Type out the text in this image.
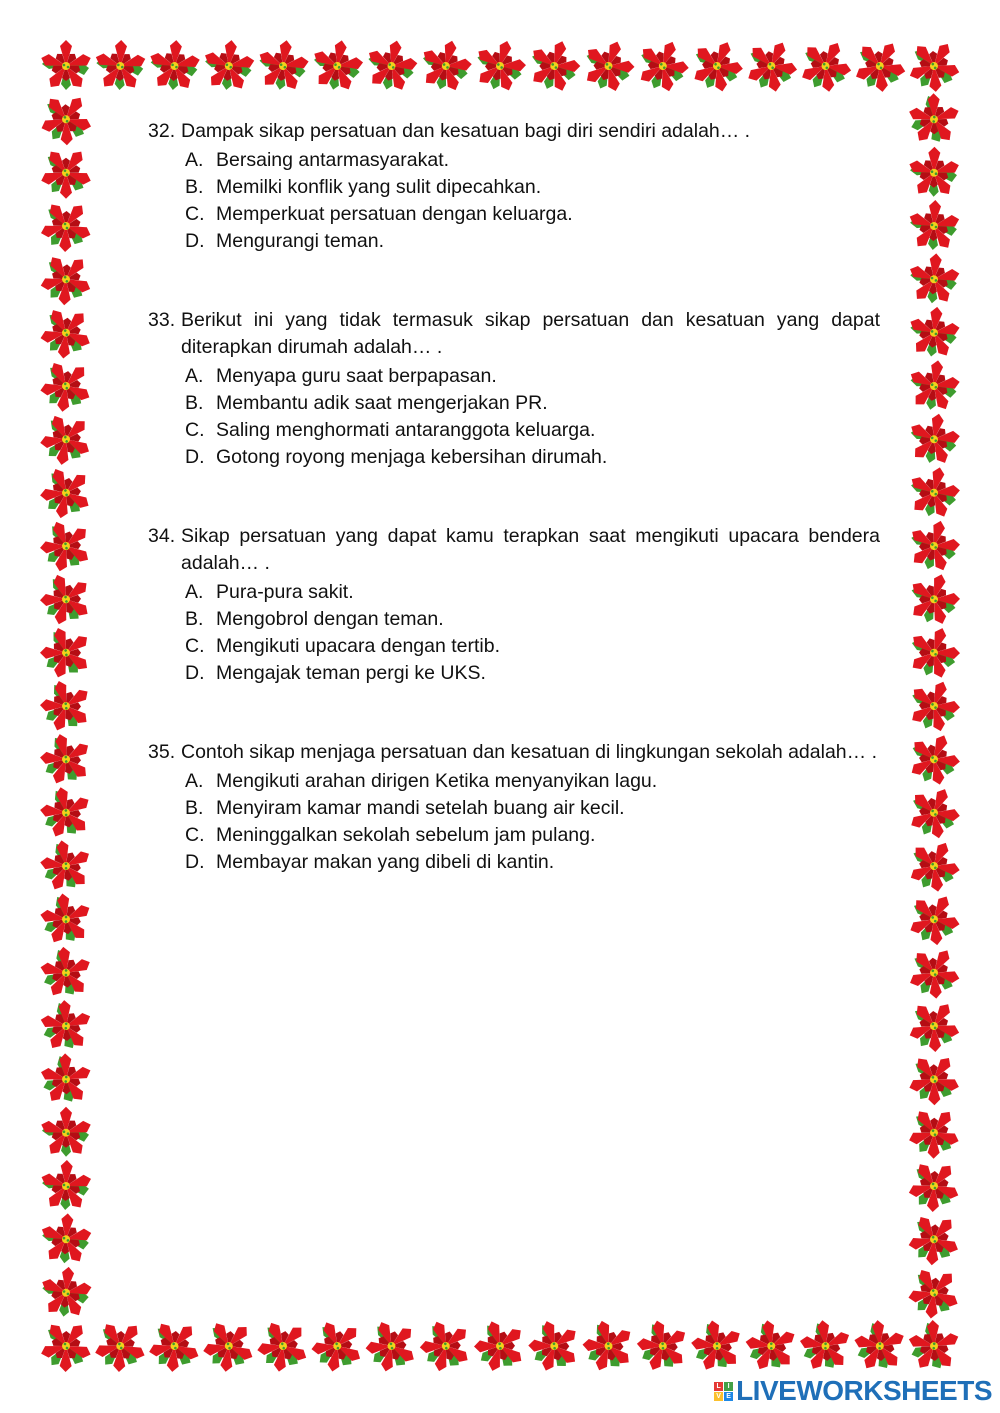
32. Dampak sikap persatuan dan kesatuan bagi diri sendiri adalah… .
A. Bersaing antarmasyarakat.
B. Memilki konflik yang sulit dipecahkan.
C. Memperkuat persatuan dengan keluarga.
D. Mengurangi teman.
33. Berikut ini yang tidak termasuk sikap persatuan dan kesatuan yang dapat diterapkan dirumah adalah… .
A. Menyapa guru saat berpapasan.
B. Membantu adik saat mengerjakan PR.
C. Saling menghormati antaranggota keluarga.
D. Gotong royong menjaga kebersihan dirumah.
34. Sikap persatuan yang dapat kamu terapkan saat mengikuti upacara bendera adalah… .
A. Pura-pura sakit.
B. Mengobrol dengan teman.
C. Mengikuti upacara dengan tertib.
D. Mengajak teman pergi ke UKS.
35. Contoh sikap menjaga persatuan dan kesatuan di lingkungan sekolah adalah… .
A. Mengikuti arahan dirigen Ketika menyanyikan lagu.
B. Menyiram kamar mandi setelah buang air kecil.
C. Meninggalkan sekolah sebelum jam pulang.
D. Membayar makan yang dibeli di kantin.
L I
V E LIVEWORKSHEETS
